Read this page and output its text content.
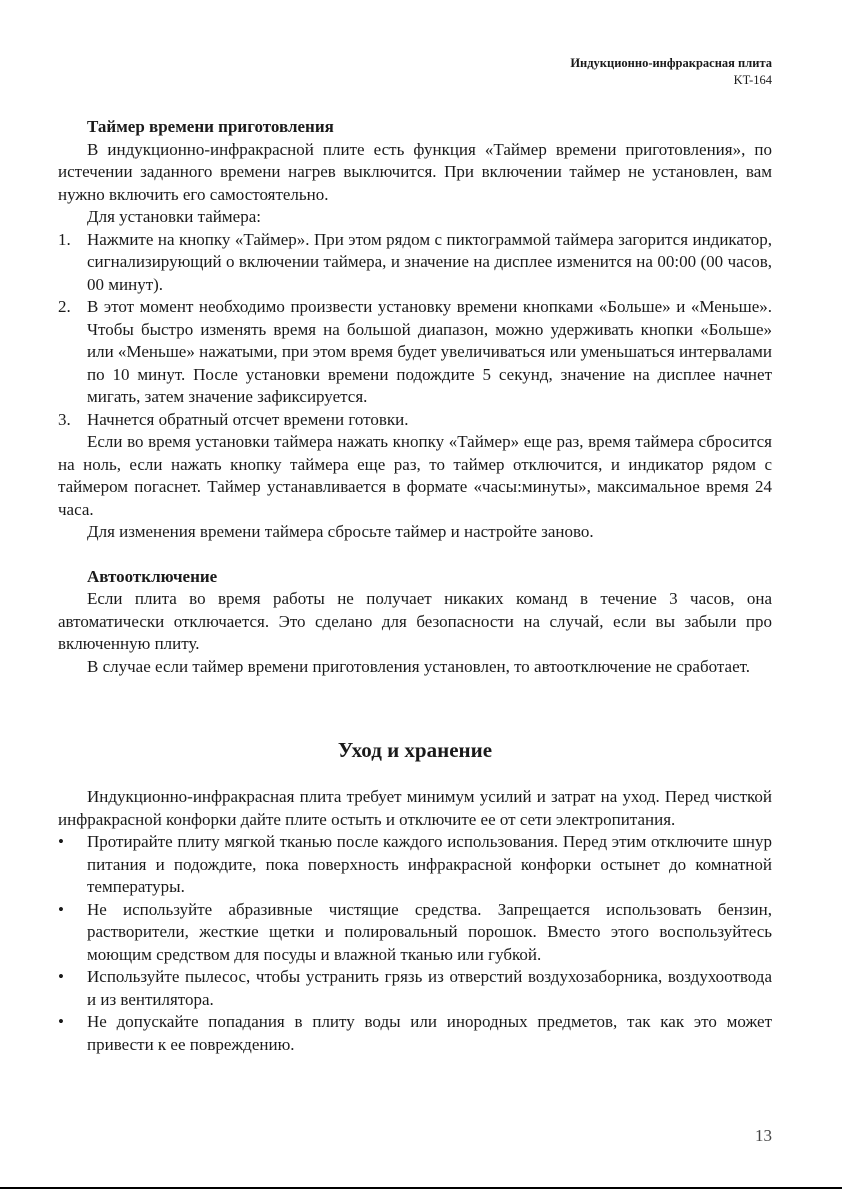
Индукционно-инфракрасная плита
KT-164
Таймер времени приготовления

В индукционно-инфракрасной плите есть функция «Таймер времени приготовления», по истечении заданного времени нагрев выключится. При включении таймер не установлен, вам нужно включить его самостоятельно.

Для установки таймера:

1. Нажмите на кнопку «Таймер». При этом рядом с пиктограммой таймера загорится индикатор, сигнализирующий о включении таймера, и значение на дисплее изменится на 00:00 (00 часов, 00 минут).
2. В этот момент необходимо произвести установку времени кнопками «Больше» и «Меньше». Чтобы быстро изменять время на большой диапазон, можно удерживать кнопки «Больше» или «Меньше» нажатыми, при этом время будет увеличиваться или уменьшаться интервалами по 10 минут. После установки времени подождите 5 секунд, значение на дисплее начнет мигать, затем значение зафиксируется.
3. Начнется обратный отсчет времени готовки.

Если во время установки таймера нажать кнопку «Таймер» еще раз, время таймера сбросится на ноль, если нажать кнопку таймера еще раз, то таймер отключится, и индикатор рядом с таймером погаснет. Таймер устанавливается в формате «часы:минуты», максимальное время 24 часа.

Для изменения времени таймера сбросьте таймер и настройте заново.

Автоотключение

Если плита во время работы не получает никаких команд в течение 3 часов, она автоматически отключается. Это сделано для безопасности на случай, если вы забыли про включенную плиту.

В случае если таймер времени приготовления установлен, то автоотключение не сработает.

Уход и хранение

Индукционно-инфракрасная плита требует минимум усилий и затрат на уход. Перед чисткой инфракрасной конфорки дайте плите остыть и отключите ее от сети электропитания.

• Протирайте плиту мягкой тканью после каждого использования. Перед этим отключите шнур питания и подождите, пока поверхность инфракрасной конфорки остынет до комнатной температуры.
• Не используйте абразивные чистящие средства. Запрещается использовать бензин, растворители, жесткие щетки и полировальный порошок. Вместо этого воспользуйтесь моющим средством для посуды и влажной тканью или губкой.
• Используйте пылесос, чтобы устранить грязь из отверстий воздухозаборника, воздухоотвода и из вентилятора.
• Не допускайте попадания в плиту воды или инородных предметов, так как это может привести к ее повреждению.
13
